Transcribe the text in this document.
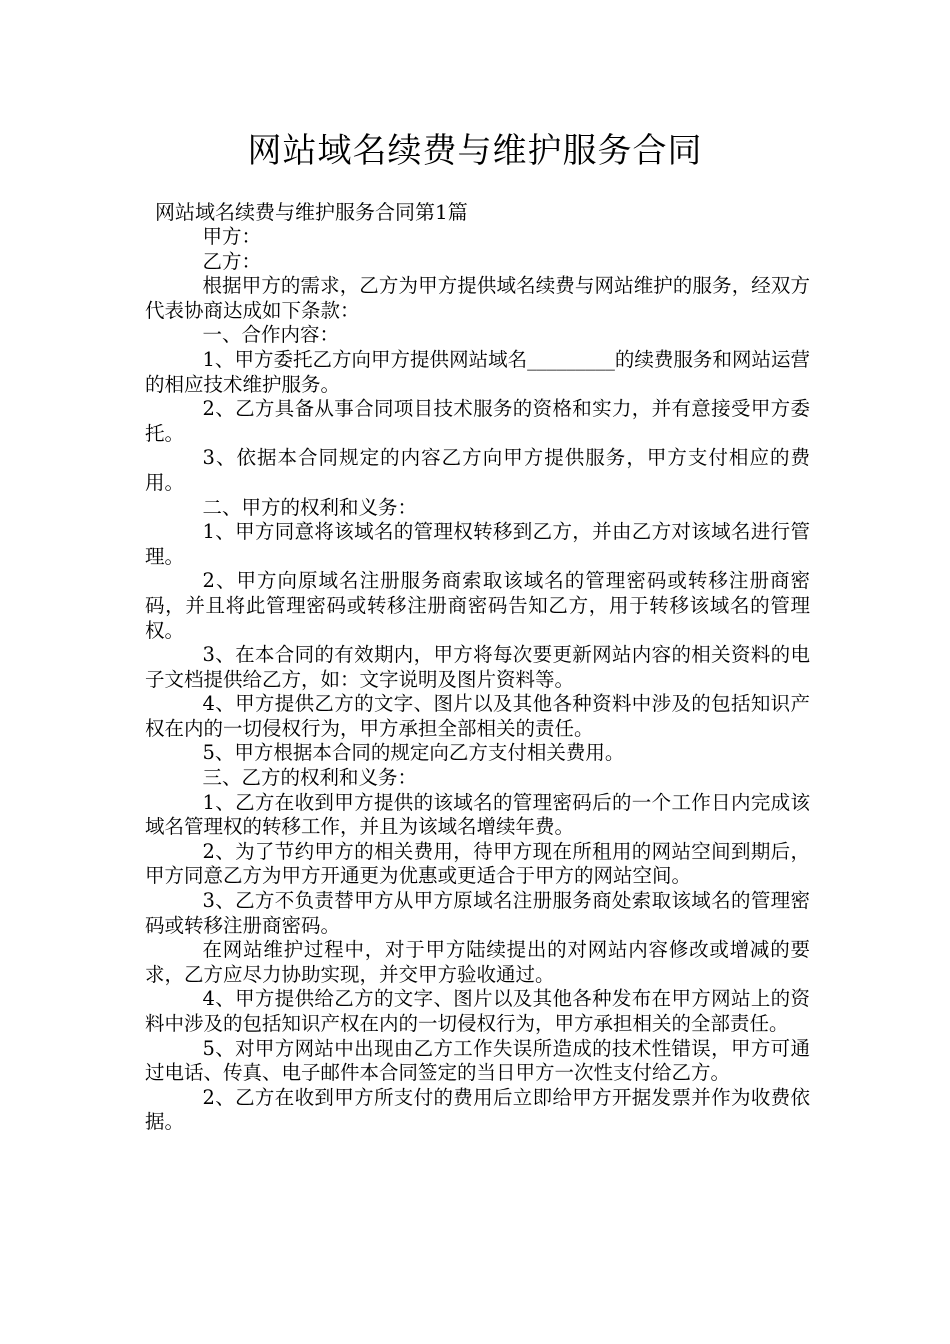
网站域名续费与维护服务合同

网站域名续费与维护服务合同第1篇

甲方：

乙方：

根据甲方的需求，乙方为甲方提供域名续费与网站维护的服务，经双方代表协商达成如下条款：

一、合作内容：

1、甲方委托乙方向甲方提供网站域名_________的续费服务和网站运营的相应技术维护服务。

2、乙方具备从事合同项目技术服务的资格和实力，并有意接受甲方委托。

3、依据本合同规定的内容乙方向甲方提供服务，甲方支付相应的费用。

二、甲方的权利和义务：

1、甲方同意将该域名的管理权转移到乙方，并由乙方对该域名进行管理。

2、甲方向原域名注册服务商索取该域名的管理密码或转移注册商密码，并且将此管理密码或转移注册商密码告知乙方，用于转移该域名的管理权。

3、在本合同的有效期内，甲方将每次要更新网站内容的相关资料的电子文档提供给乙方，如：文字说明及图片资料等。

4、甲方提供乙方的文字、图片以及其他各种资料中涉及的包括知识产权在内的一切侵权行为，甲方承担全部相关的责任。

5、甲方根据本合同的规定向乙方支付相关费用。

三、乙方的权利和义务：

1、乙方在收到甲方提供的该域名的管理密码后的一个工作日内完成该域名管理权的转移工作，并且为该域名增续年费。

2、为了节约甲方的相关费用，待甲方现在所租用的网站空间到期后，甲方同意乙方为甲方开通更为优惠或更适合于甲方的网站空间。

3、乙方不负责替甲方从甲方原域名注册服务商处索取该域名的管理密码或转移注册商密码。

在网站维护过程中，对于甲方陆续提出的对网站内容修改或增减的要求，乙方应尽力协助实现，并交甲方验收通过。

4、甲方提供给乙方的文字、图片以及其他各种发布在甲方网站上的资料中涉及的包括知识产权在内的一切侵权行为，甲方承担相关的全部责任。

5、对甲方网站中出现由乙方工作失误所造成的技术性错误，甲方可通过电话、传真、电子邮件本合同签定的当日甲方一次性支付给乙方。

2、乙方在收到甲方所支付的费用后立即给甲方开据发票并作为收费依据。
